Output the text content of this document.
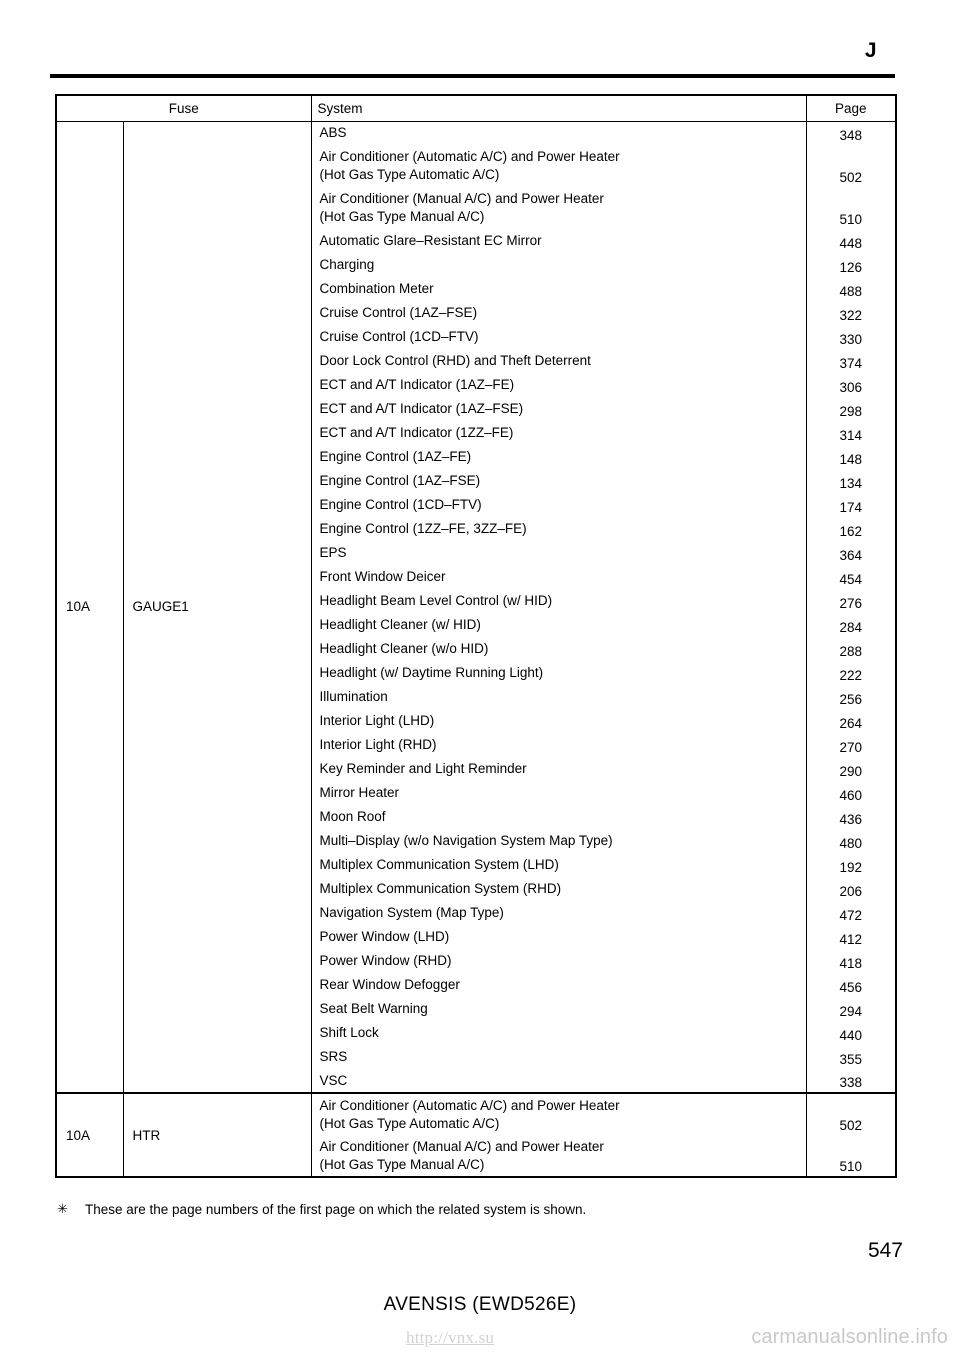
J
Fuse		System	Page
10A	GAUGE1	ABS	348
		Air Conditioner (Automatic A/C) and Power Heater
(Hot Gas Type Automatic A/C)	502
		Air Conditioner (Manual A/C) and Power Heater
(Hot Gas Type Manual A/C)	510
		Automatic Glare–Resistant EC Mirror	448
		Charging	126
		Combination Meter	488
		Cruise Control (1AZ–FSE)	322
		Cruise Control (1CD–FTV)	330
		Door Lock Control (RHD) and Theft Deterrent	374
		ECT and A/T Indicator (1AZ–FE)	306
		ECT and A/T Indicator (1AZ–FSE)	298
		ECT and A/T Indicator (1ZZ–FE)	314
		Engine Control (1AZ–FE)	148
		Engine Control (1AZ–FSE)	134
		Engine Control (1CD–FTV)	174
		Engine Control (1ZZ–FE, 3ZZ–FE)	162
		EPS	364
		Front Window Deicer	454
		Headlight Beam Level Control (w/ HID)	276
		Headlight Cleaner (w/ HID)	284
		Headlight Cleaner (w/o HID)	288
		Headlight (w/ Daytime Running Light)	222
		Illumination	256
		Interior Light (LHD)	264
		Interior Light (RHD)	270
		Key Reminder and Light Reminder	290
		Mirror Heater	460
		Moon Roof	436
		Multi–Display (w/o Navigation System Map Type)	480
		Multiplex Communication System (LHD)	192
		Multiplex Communication System (RHD)	206
		Navigation System (Map Type)	472
		Power Window (LHD)	412
		Power Window (RHD)	418
		Rear Window Defogger	456
		Seat Belt Warning	294
		Shift Lock	440
		SRS	355
		VSC	338
10A	HTR	Air Conditioner (Automatic A/C) and Power Heater
(Hot Gas Type Automatic A/C)	502
		Air Conditioner (Manual A/C) and Power Heater
(Hot Gas Type Manual A/C)	510
✳ These are the page numbers of the first page on which the related system is shown.
547
AVENSIS (EWD526E)
http://vnx.su	carmanualsonline.info
